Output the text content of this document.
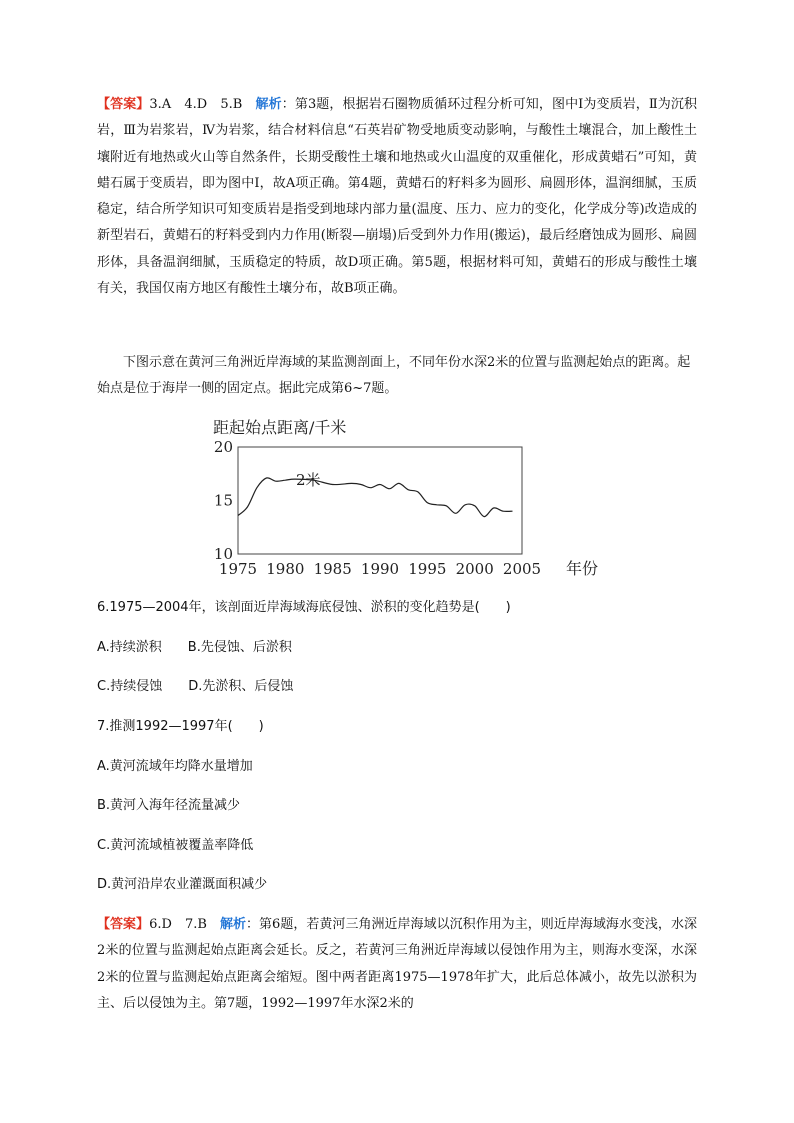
【答案】3.A　4.D　5.B　 解析：第3题，根据岩石圈物质循环过程分析可知，图中Ⅰ为变质岩，Ⅱ为沉积岩，Ⅲ为岩浆岩，Ⅳ为岩浆，结合材料信息“石英岩矿物受地质变动影响，与酸性土壤混合，加上酸性土壤附近有地热或火山等自然条件，长期受酸性土壤和地热或火山温度的双重催化，形成黄蜡石”可知，黄蜡石属于变质岩，即为图中Ⅰ，故A项正确。第4题，黄蜡石的籽料多为圆形、扁圆形体，温润细腻，玉质稳定，结合所学知识可知变质岩是指受到地球内部力量(温度、压力、应力的变化，化学成分等)改造成的新型岩石，黄蜡石的籽料受到内力作用(断裂—崩塌)后受到外力作用(搬运)，最后经磨蚀成为圆形、扁圆形体，具备温润细腻，玉质稳定的特质，故D项正确。第5题，根据材料可知，黄蜡石的形成与酸性土壤有关，我国仅南方地区有酸性土壤分布，故B项正确。
下图示意在黄河三角洲近岸海域的某监测剖面上，不同年份水深2米的位置与监测起始点的距离。起始点是位于海岸一侧的固定点。据此完成第6~7题。
距起始点距离/千米
20
15
10
1975 1980 1985 1990 1995 2000 2005 年份
2米
6.1975—2004年，该剖面近岸海域海底侵蚀、淤积的变化趋势是(　　)
A.持续淤积　　B.先侵蚀、后淤积
C.持续侵蚀　　D.先淤积、后侵蚀
7.推测1992—1997年(　　)
A.黄河流域年均降水量增加
B.黄河入海年径流量减少
C.黄河流域植被覆盖率降低
D.黄河沿岸农业灌溉面积减少
【答案】6.D　7.B　 解析：第6题，若黄河三角洲近岸海域以沉积作用为主，则近岸海域海水变浅，水深2米的位置与监测起始点距离会延长。反之，若黄河三角洲近岸海域以侵蚀作用为主，则海水变深，水深2米的位置与监测起始点距离会缩短。图中两者距离1975—1978年扩大，此后总体减小，故先以淤积为主、后以侵蚀为主。第7题，1992—1997年水深2米的
